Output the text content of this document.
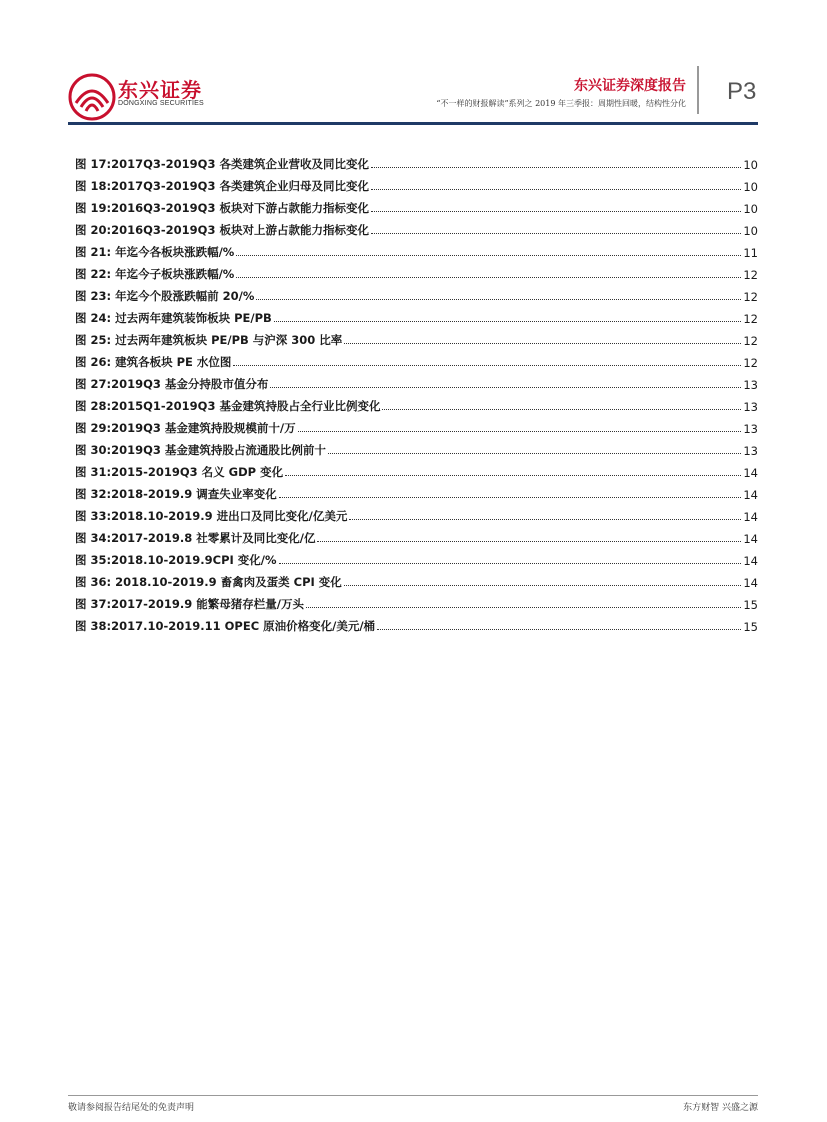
东兴证券
DONGXING SECURITIES
东兴证券深度报告
“不一样的财报解读”系列之 2019 年三季报：周期性回暖，结构性分化 P3
图 17:2017Q3-2019Q3 各类建筑企业营收及同比变化	10
图 18:2017Q3-2019Q3 各类建筑企业归母及同比变化	10
图 19:2016Q3-2019Q3 板块对下游占款能力指标变化	10
图 20:2016Q3-2019Q3 板块对上游占款能力指标变化	10
图 21: 年迄今各板块涨跌幅/%	11
图 22: 年迄今子板块涨跌幅/%	12
图 23: 年迄今个股涨跌幅前 20/%	12
图 24: 过去两年建筑装饰板块 PE/PB	12
图 25: 过去两年建筑板块 PE/PB 与沪深 300 比率	12
图 26: 建筑各板块 PE 水位图	12
图 27:2019Q3 基金分持股市值分布	13
图 28:2015Q1-2019Q3 基金建筑持股占全行业比例变化	13
图 29:2019Q3 基金建筑持股规模前十/万	13
图 30:2019Q3 基金建筑持股占流通股比例前十	13
图 31:2015-2019Q3 名义 GDP 变化	14
图 32:2018-2019.9 调查失业率变化	14
图 33:2018.10-2019.9 进出口及同比变化/亿美元	14
图 34:2017-2019.8 社零累计及同比变化/亿	14
图 35:2018.10-2019.9CPI 变化/%	14
图 36: 2018.10-2019.9 畜禽肉及蛋类 CPI 变化	14
图 37:2017-2019.9 能繁母猪存栏量/万头	15
图 38:2017.10-2019.11 OPEC 原油价格变化/美元/桶	15
敬请参阅报告结尾处的免责声明	东方财智 兴盛之源
